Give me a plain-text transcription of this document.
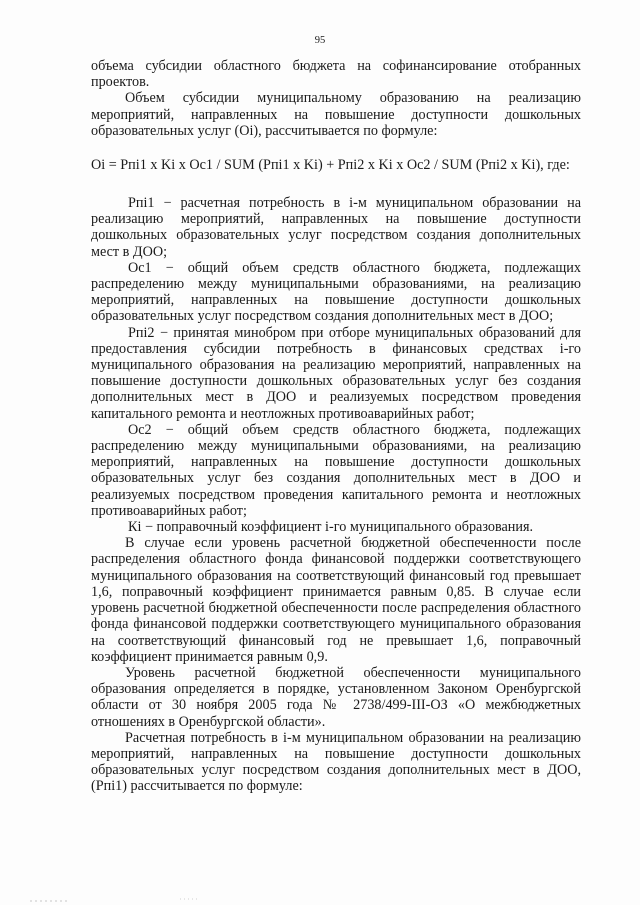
95

объема субсидии областного бюджета на софинансирование отобранных проектов.

Объем субсидии муниципальному образованию на реализацию мероприятий, направленных на повышение доступности дошкольных образовательных услуг (Oi), рассчитывается по формуле:

Oi = Pпi1 x Ki x Oc1 / SUM (Рпi1 x Ki) + Рпi2 x Ki x Oc2 / SUM (Рпi2 x Ki), где:

Рпi1 − расчетная потребность в i-м муниципальном образовании на реализацию мероприятий, направленных на повышение доступности дошкольных образовательных услуг посредством создания дополнительных мест в ДОО;

Ос1 − общий объем средств областного бюджета, подлежащих распределению между муниципальными образованиями, на реализацию мероприятий, направленных на повышение доступности дошкольных образовательных услуг посредством создания дополнительных мест в ДОО;

Рпi2 − принятая минобром при отборе муниципальных образований для предоставления субсидии потребность в финансовых средствах i-го муниципального образования на реализацию мероприятий, направленных на повышение доступности дошкольных образовательных услуг без создания дополнительных мест в ДОО и реализуемых посредством проведения капитального ремонта и неотложных противоаварийных работ;

Ос2 − общий объем средств областного бюджета, подлежащих распределению между муниципальными образованиями, на реализацию мероприятий, направленных на повышение доступности дошкольных образовательных услуг без создания дополнительных мест в ДОО и реализуемых посредством проведения капитального ремонта и неотложных противоаварийных работ;

Кi − поправочный коэффициент i-го муниципального образования.

В случае если уровень расчетной бюджетной обеспеченности после распределения областного фонда финансовой поддержки соответствующего муниципального образования на соответствующий финансовый год превышает 1,6, поправочный коэффициент принимается равным 0,85. В случае если уровень расчетной бюджетной обеспеченности после распределения областного фонда финансовой поддержки соответствующего муниципального образования на соответствующий финансовый год не превышает 1,6, поправочный коэффициент принимается равным 0,9.

Уровень расчетной бюджетной обеспеченности муниципального образования определяется в порядке, установленном Законом Оренбургской области от 30 ноября 2005 года № 2738/499-III-ОЗ «О межбюджетных отношениях в Оренбургской области».

Расчетная потребность в i-м муниципальном образовании на реализацию мероприятий, направленных на повышение доступности дошкольных образовательных услуг посредством создания дополнительных мест в ДОО, (Рпi1) рассчитывается по формуле:
